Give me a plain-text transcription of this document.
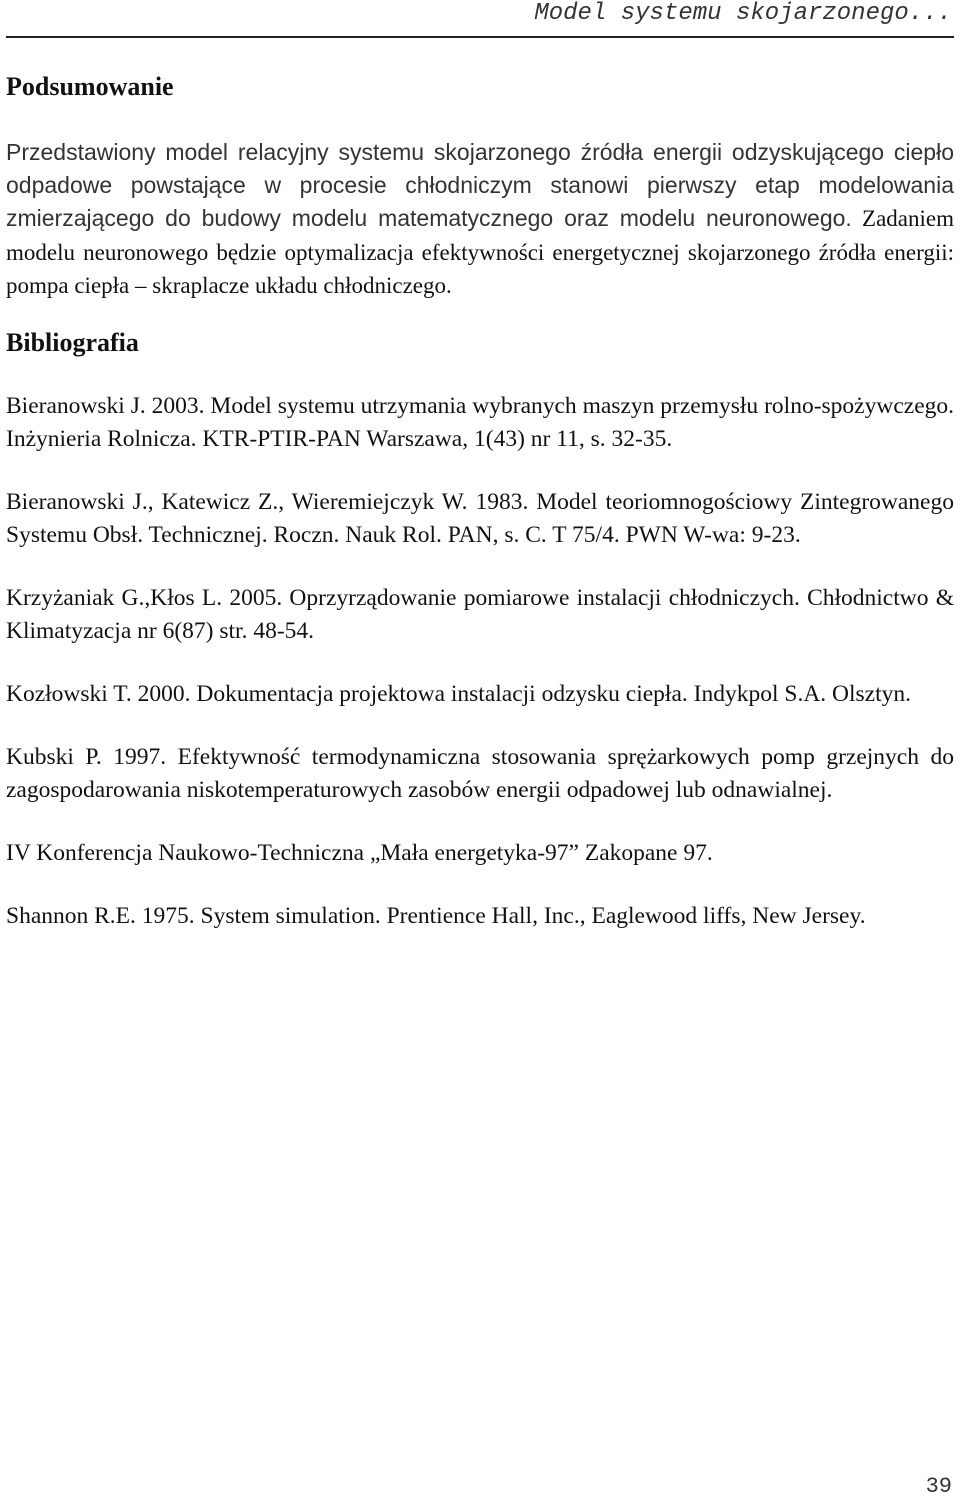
Model systemu skojarzonego...
Podsumowanie

Przedstawiony model relacyjny systemu skojarzonego źródła energii odzyskującego ciepło odpadowe powstające w procesie chłodniczym stanowi pierwszy etap modelowania zmierzającego do budowy modelu matematycznego oraz modelu neuronowego. Zadaniem modelu neuronowego będzie optymalizacja efektywności energetycznej skojarzonego źródła energii: pompa ciepła – skraplacze układu chłodniczego.

Bibliografia
Bieranowski J. 2003. Model systemu utrzymania wybranych maszyn przemysłu rolno-spożywczego. Inżynieria Rolnicza. KTR-PTIR-PAN Warszawa, 1(43) nr 11, s. 32-35.
Bieranowski J., Katewicz Z., Wieremiejczyk W. 1983. Model teoriomnogościowy Zintegrowanego Systemu Obsł. Technicznej. Roczn. Nauk Rol. PAN, s. C. T 75/4. PWN W-wa: 9-23.
Krzyżaniak G.,Kłos L. 2005. Oprzyrządowanie pomiarowe instalacji chłodniczych. Chłodnictwo & Klimatyzacja nr 6(87) str. 48-54.
Kozłowski T. 2000. Dokumentacja projektowa instalacji odzysku ciepła. Indykpol S.A. Olsztyn.
Kubski P. 1997. Efektywność termodynamiczna stosowania sprężarkowych pomp grzejnych do zagospodarowania niskotemperaturowych zasobów energii odpadowej lub odnawialnej.
IV Konferencja Naukowo-Techniczna „Mała energetyka-97” Zakopane 97.
Shannon R.E. 1975. System simulation. Prentience Hall, Inc., Eaglewood liffs, New Jersey.
39
